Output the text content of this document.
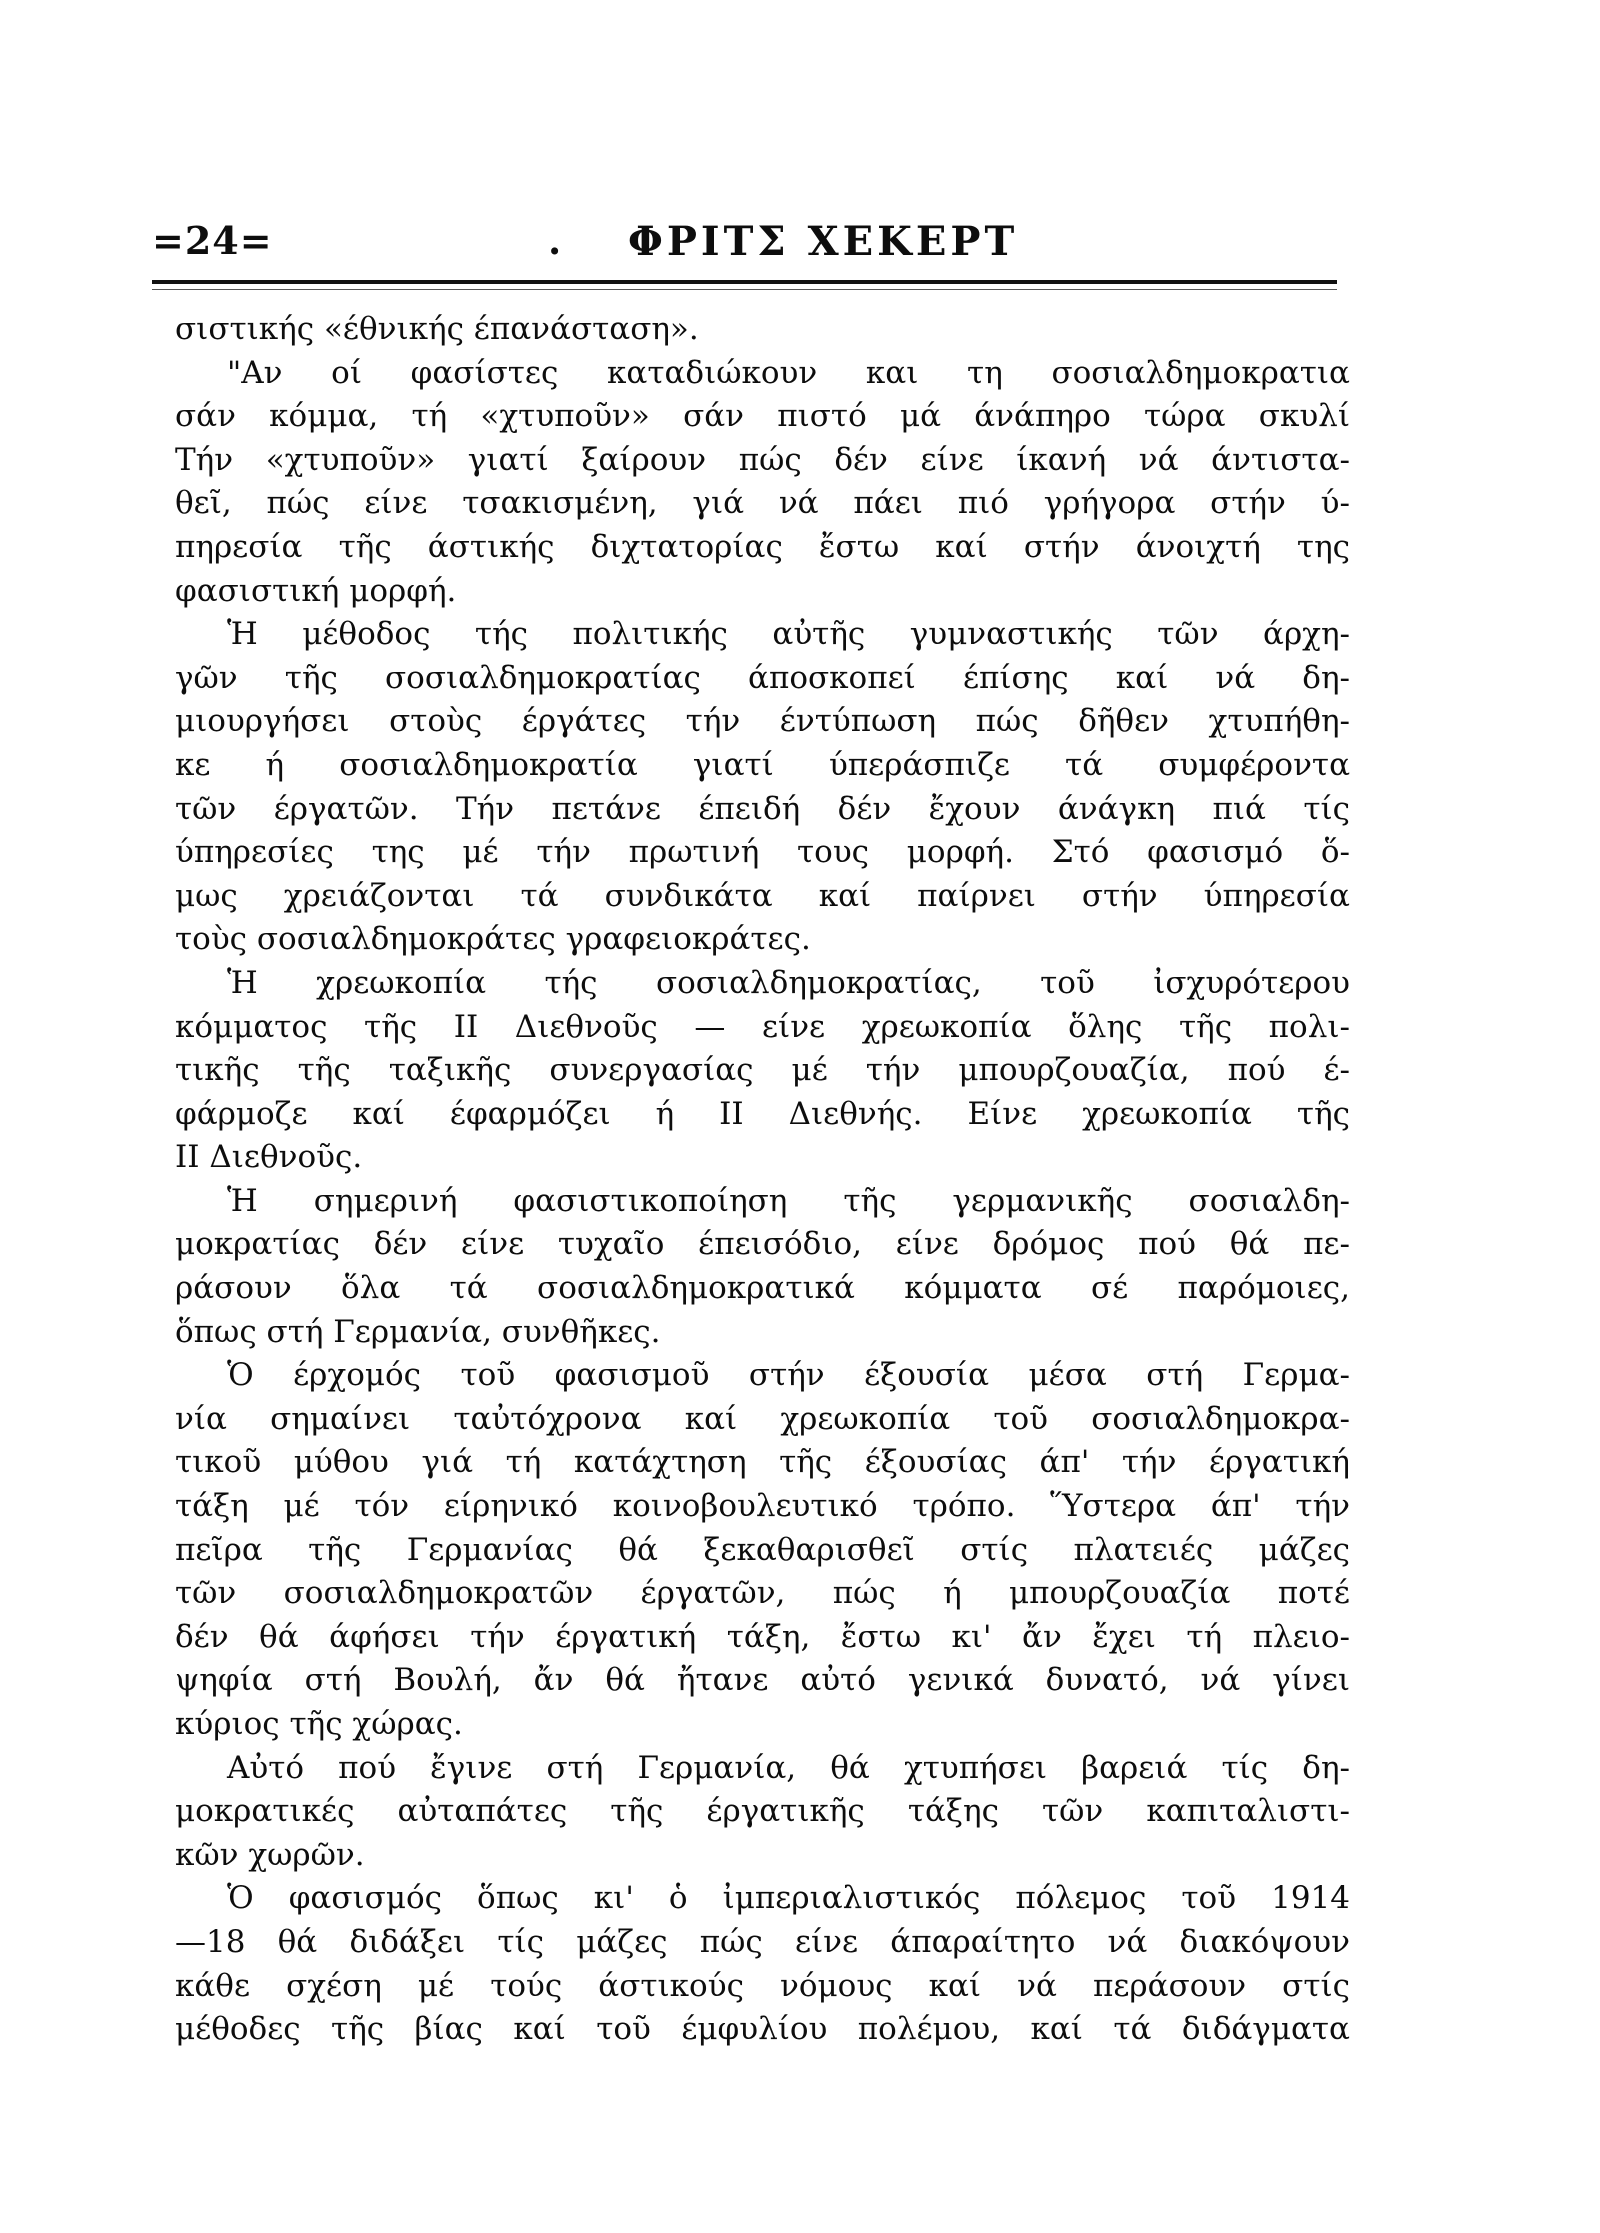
=24=	. ΦΡΙΤΣ ΧΕΚΕΡΤ
σιστικής «έθνικής έπανάσταση».
"Αν οί φασίστες καταδιώκουν και τη σοσιαλδημοκρατια
σάν κόμμα, τή «χτυποῦν» σάν πιστό μά άνάπηρο τώρα σκυλί
Τήν «χτυποῦν» γιατί ξαίρουν πώς δέν είνε ίκανή νά άντιστα-
θεῖ, πώς είνε τσακισμένη, γιά νά πάει πιό γρήγορα στήν ύ-
πηρεσία τῆς άστικής διχτατορίας ἔστω καί στήν άνοιχτή της
φασιστική μορφή.
Ἡ μέθοδος τής πολιτικής αὐτῆς γυμναστικής τῶν άρχη-
γῶν τῆς σοσιαλδημοκρατίας άποσκοπεί έπίσης καί νά δη-
μιουργήσει στοὺς έργάτες τήν έντύπωση πώς δῆθεν χτυπήθη-
κε ή σοσιαλδημοκρατία γιατί ύπεράσπιζε τά συμφέροντα
τῶν έργατῶν. Τήν πετάνε έπειδή δέν ἔχουν άνάγκη πιά τίς
ύπηρεσίες της μέ τήν πρωτινή τους μορφή. Στό φασισμό ὅ-
μως χρειάζονται τά συνδικάτα καί παίρνει στήν ύπηρεσία
τοὺς σοσιαλδημοκράτες γραφειοκράτες.
Ἡ χρεωκοπία τής σοσιαλδημοκρατίας, τοῦ ἰσχυρότερου
κόμματος τῆς ΙΙ Διεθνοῦς — είνε χρεωκοπία ὅλης τῆς πολι-
τικῆς τῆς ταξικῆς συνεργασίας μέ τήν μπουρζουαζία, πού έ-
φάρμοζε καί έφαρμόζει ή ΙΙ Διεθνής. Είνε χρεωκοπία τῆς
ΙΙ Διεθνοῦς.
Ἡ σημερινή φασιστικοποίηση τῆς γερμανικῆς σοσιαλδη-
μοκρατίας δέν είνε τυχαῖο έπεισόδιο, είνε δρόμος πού θά πε-
ράσουν ὅλα τά σοσιαλδημοκρατικά κόμματα σέ παρόμοιες,
ὅπως στή Γερμανία, συνθῆκες.
Ὁ έρχομός τοῦ φασισμοῦ στήν έξουσία μέσα στή Γερμα-
νία σημαίνει ταὐτόχρονα καί χρεωκοπία τοῦ σοσιαλδημοκρα-
τικοῦ μύθου γιά τή κατάχτηση τῆς έξουσίας άπ' τήν έργατική
τάξη μέ τόν είρηνικό κοινοβουλευτικό τρόπο. Ὕστερα άπ' τήν
πεῖρα τῆς Γερμανίας θά ξεκαθαρισθεῖ στίς πλατειές μάζες
τῶν σοσιαλδημοκρατῶν έργατῶν, πώς ή μπουρζουαζία ποτέ
δέν θά άφήσει τήν έργατική τάξη, ἔστω κι' ἄν ἔχει τή πλειο-
ψηφία στή Βουλή, ἄν θά ἤτανε αὐτό γενικά δυνατό, νά γίνει
κύριος τῆς χώρας.
Αὐτό πού ἔγινε στή Γερμανία, θά χτυπήσει βαρειά τίς δη-
μοκρατικές αὐταπάτες τῆς έργατικῆς τάξης τῶν καπιταλιστι-
κῶν χωρῶν.
Ὁ φασισμός ὅπως κι' ὁ ἰμπεριαλιστικός πόλεμος τοῦ 1914
—18 θά διδάξει τίς μάζες πώς είνε άπαραίτητο νά διακόψουν
κάθε σχέση μέ τούς άστικούς νόμους καί νά περάσουν στίς
μέθοδες τῆς βίας καί τοῦ έμφυλίου πολέμου, καί τά διδάγματα
